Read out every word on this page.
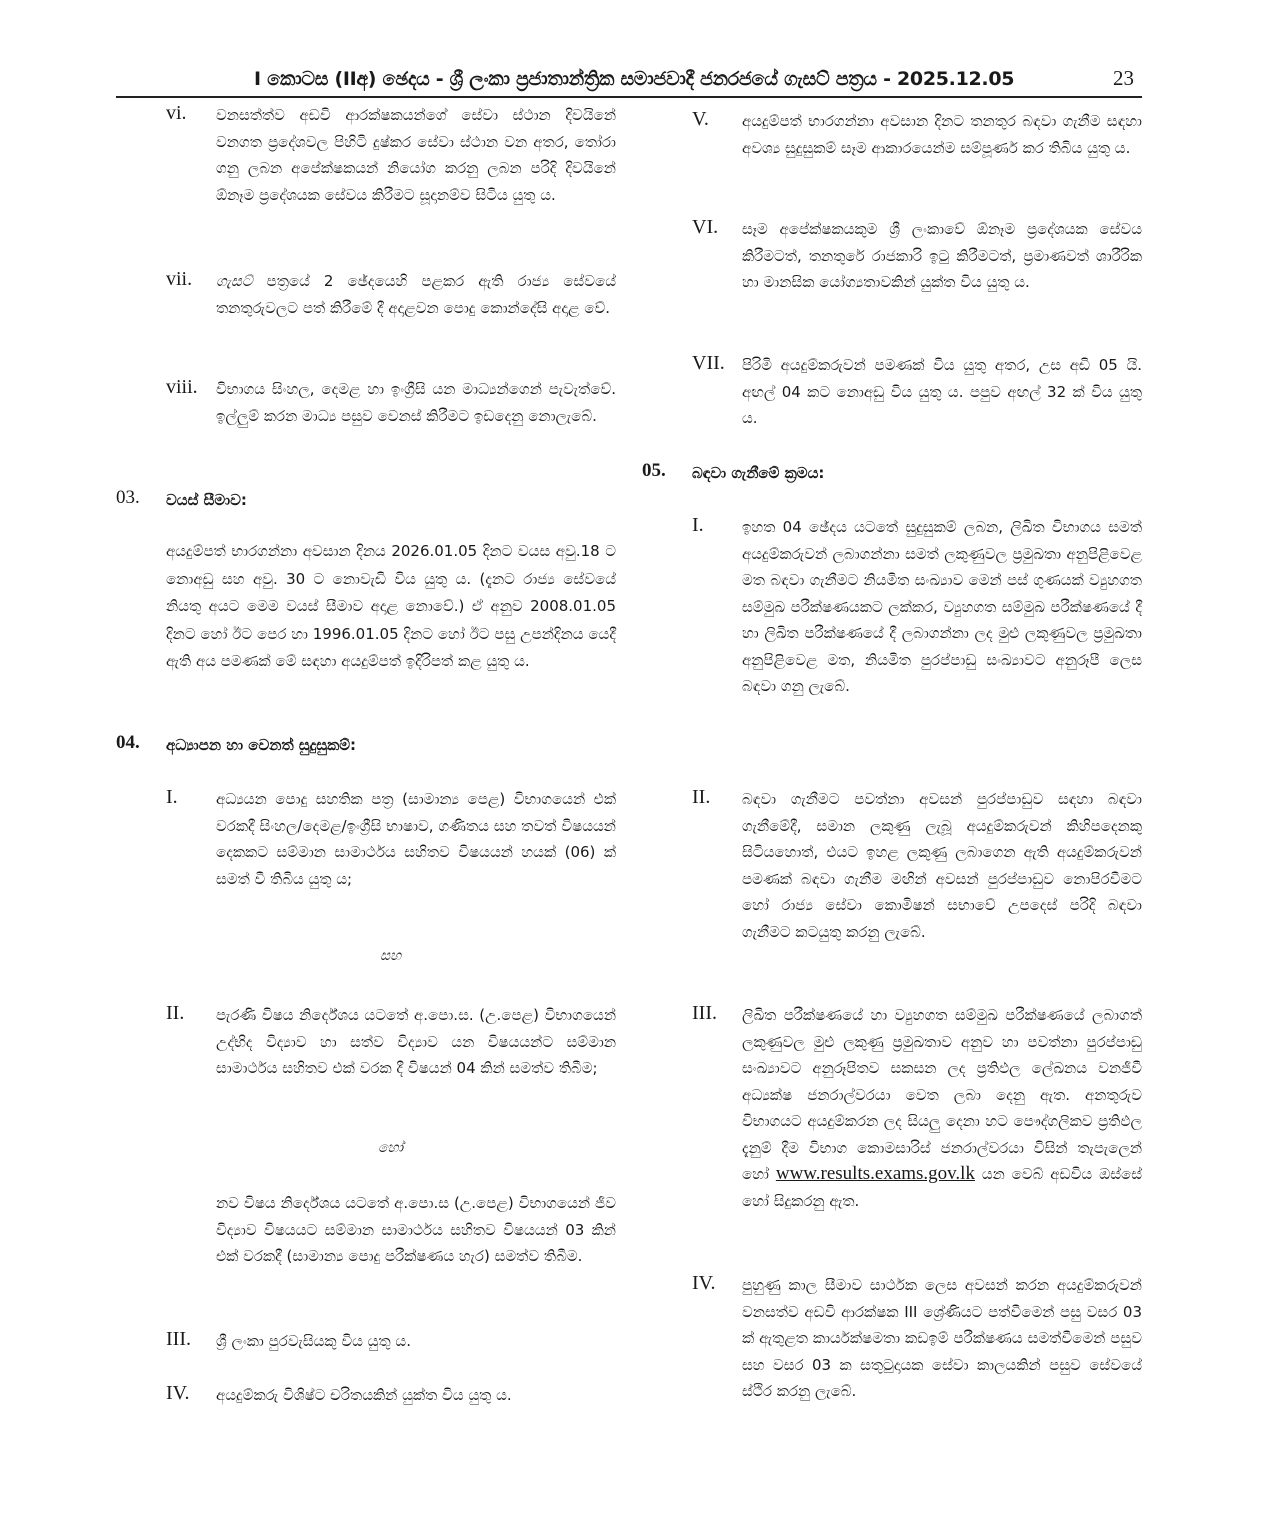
I කොටස (IIඅ) ඡෙදය - ශ්‍රී ලංකා ප්‍රජාතාන්ත්‍රික සමාජවාදී ජනරජයේ ගැසට් පත්‍රය - 2025.12.05	23
vi. වනසත්ත්ව අඩවි ආරක්ෂකයන්ගේ සේවා ස්ථාන දිවයිනේ වනගත ප්‍රදේශවල පිහිටි දුෂ්කර සේවා ස්ථාන වන අතර, තෝරා ගනු ලබන අපේක්ෂකයන් නියෝග කරනු ලබන පරිදි දිවයිනේ ඕනෑම ප්‍රදේශයක සේවය කිරීමට සූදානම්ව සිටිය යුතු ය.
vii. ගැසට් පත්‍රයේ 2 ඡේදයෙහි පළකර ඇති රාජ්‍ය සේවයේ තනතුරුවලට පත් කිරීමේ දී අදාළවන පොදු කොන්දේසි අදාළ වේ.
viii. විභාගය සිංහල, දෙමළ හා ඉංග්‍රීසි යන මාධ්‍යන්ගෙන් පැවැත්වේ. ඉල්ලුම් කරන මාධ්‍ය පසුව වෙනස් කිරීමට ඉඩදෙනු නොලැබේ.
03. වයස් සීමාව:
අයදුම්පත් භාරගන්නා අවසාන දිනය 2026.01.05 දිනට වයස අවු.18 ට නොඅඩු සහ අවු. 30 ට නොවැඩි විය යුතු ය. (දැනට රාජ්‍ය සේවයේ නියතු අයට මෙම වයස් සීමාව අදාළ නොවේ.) ඒ අනුව 2008.01.05 දිනට හෝ ඊට පෙර හා 1996.01.05 දිනට හෝ ඊට පසු උපන්දිනය යෙදී ඇති අය පමණක් මේ සඳහා අයදුම්පත් ඉදිරිපත් කළ යුතු ය.
04. අධ්‍යාපන හා වෙනත් සුදුසුකම්:
I.	අධ්‍යයන පොදු සහතික පත්‍ර (සාමාන්‍ය පෙළ) විභාගයෙන් එක් වරකදී සිංහල/දෙමළ/ඉංග්‍රීසි භාෂාව, ගණිතය සහ තවත් විෂයයන් දෙකකට සම්මාන සාමාර්ථය සහිතව විෂයයන් හයක් (06) ක් සමත් වී තිබිය යුතු ය;
සහ
II. පැරණි විෂය නිර්දේශය යටතේ අ.පො.ස. (උ.පෙළ) විභාගයෙන් උද්භිද විද්‍යාව හා සත්ව විද්‍යාව යන විෂයයන්ට සම්මාන සාමාර්ථය සහිතව එක් වරක දී විෂයන් 04 කින් සමත්ව තිබීම;
හෝ
නව විෂය නිර්දේශය යටතේ අ.පො.ස (උ.පෙළ) විභාගයෙන් ජීව විද්‍යාව විෂයයට සම්මාන සාමාර්ථය සහිතව විෂයයන් 03 කින් එක් වරකදී (සාමාන්‍ය පොදු පරීක්ෂණය හැර) සමත්ව තිබීම.
III. ශ්‍රී ලංකා පුරවැසියකු විය යුතු ය.
IV. අයදුම්කරු විශිෂ්ට චරිතයකින් යුක්ත විය යුතු ය.
V. අයදුම්පත් භාරගන්නා අවසාන දිනට තනතුර බඳවා ගැනීම සඳහා අවශ්‍ය සුදුසුකම් සෑම ආකාරයෙන්ම සම්පූර්ණ කර තිබිය යුතු ය.
VI. සෑම අපේක්ෂකයකුම ශ්‍රී ලංකාවේ ඕනෑම ප්‍රදේශයක සේවය කිරීමටත්, තනතුරේ රාජකාරි ඉටු කිරීමටත්, ප්‍රමාණවත් ශාරීරික හා මානසික යෝග්‍යතාවකින් යුක්ත විය යුතු ය.
VII. පිරිමි අයදුම්කරුවන් පමණක් විය යුතු අතර, උස අඩි 05 යි. අඟල් 04 කට නොඅඩු විය යුතු ය. පපුව අඟල් 32 ක් විය යුතු ය.
05. බඳවා ගැනීමේ ක්‍රමය:
I.	ඉහත 04 ඡේදය යටතේ සුදුසුකම් ලබන, ලිඛිත විභාගය සමත් අයදුම්කරුවන් ලබාගන්නා සමත් ලකුණුවල ප්‍රමුඛතා අනුපිළිවෙළ මත බඳවා ගැනීමට නියමිත සංඛ්‍යාව මෙන් පස් ගුණයක් ව්‍යුහගත සම්මුඛ පරීක්ෂණයකට ලක්කර, ව්‍යුහගත සම්මුඛ පරීක්ෂණයේ දී හා ලිඛිත පරීක්ෂණයේ දී ලබාගන්නා ලද මුළු ලකුණුවල ප්‍රමුඛතා අනුපිළිවෙළ මත, නියමිත පුරප්පාඩු සංඛ්‍යාවට අනුරූපී ලෙස බඳවා ගනු ලැබේ.
II. බඳවා ගැනීමට පවත්නා අවසන් පුරප්පාඩුව සඳහා බඳවා ගැනීමේදී, සමාන ලකුණු ලැබූ අයදුම්කරුවන් කිහිපදෙනකු සිටියහොත්, එයට ඉහළ ලකුණු ලබාගෙන ඇති අයදුම්කරුවන් පමණක් බඳවා ගැනීම මඟින් අවසන් පුරප්පාඩුව නොපිරවීමට හෝ රාජ්‍ය සේවා කොමිෂන් සභාවේ උපදෙස් පරිදි බඳවා ගැනීමට කටයුතු කරනු ලැබේ.
III. ලිඛිත පරීක්ෂණයේ හා ව්‍යුහගත සම්මුඛ පරීක්ෂණයේ ලබාගත් ලකුණුවල මුළු ලකුණු ප්‍රමුඛතාව අනුව හා පවත්නා පුරප්පාඩු සංඛ්‍යාවට අනුරූපිතව සකසන ලද ප්‍රතිඵල ලේඛනය වනජීවී අධ්‍යක්ෂ ජනරාල්වරයා වෙත ලබා දෙනු ඇත. අනතුරුව විභාගයට අයදුම්කරන ලද සියලු දෙනා හට පෞද්ගලිකව ප්‍රතිඵල දැනුම් දීම විභාග කොමසාරිස් ජනරාල්වරයා විසින් තැපැලෙන් හෝ www.results.exams.gov.lk යන වෙබ් අඩවිය ඔස්සේ හෝ සිදුකරනු ඇත.
IV. පුහුණු කාල සීමාව සාර්ථක ලෙස අවසන් කරන අයදුම්කරුවන් වනසත්ව අඩවි ආරක්ෂක III ශ්‍රේණියට පත්වීමෙන් පසු වසර 03 ක් ඇතුළත කාර්යක්ෂමතා කඩඉම් පරීක්ෂණය සමත්වීමෙන් පසුව සහ වසර 03 ක සතුටුදායක සේවා කාලයකින් පසුව සේවයේ ස්ථිර කරනු ලැබේ.
